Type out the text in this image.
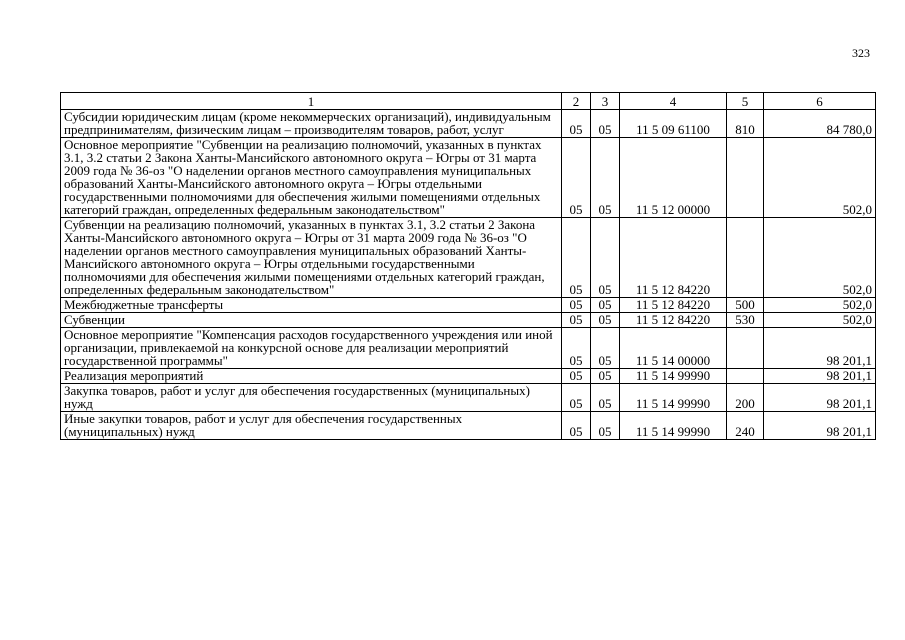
323
1	2	3	4	5	6
Субсидии юридическим лицам (кроме некоммерческих организаций), индивидуальным предпринимателям, физическим лицам – производителям товаров, работ, услуг	05	05	11 5 09 61100	810	84 780,0
Основное мероприятие "Субвенции на реализацию полномочий, указанных в пунктах 3.1, 3.2 статьи 2 Закона Ханты-Мансийского автономного округа – Югры от 31 марта 2009 года № 36-оз "О наделении органов местного самоуправления муниципальных образований Ханты-Мансийского автономного округа – Югры отдельными государственными полномочиями для обеспечения жилыми помещениями отдельных категорий граждан, определенных федеральным законодательством"	05	05	11 5 12 00000		502,0
Субвенции на реализацию полномочий, указанных в пунктах 3.1, 3.2 статьи 2 Закона Ханты-Мансийского автономного округа – Югры от 31 марта 2009 года № 36-оз "О наделении органов местного самоуправления муниципальных образований Ханты-Мансийского автономного округа – Югры отдельными государственными полномочиями для обеспечения жилыми помещениями отдельных категорий граждан, определенных федеральным законодательством"	05	05	11 5 12 84220		502,0
Межбюджетные трансферты	05	05	11 5 12 84220	500	502,0
Субвенции	05	05	11 5 12 84220	530	502,0
Основное мероприятие "Компенсация расходов государственного учреждения или иной организации, привлекаемой на конкурсной основе для реализации мероприятий государственной программы"	05	05	11 5 14 00000		98 201,1
Реализация мероприятий	05	05	11 5 14 99990		98 201,1
Закупка товаров, работ и услуг для обеспечения государственных (муниципальных) нужд	05	05	11 5 14 99990	200	98 201,1
Иные закупки товаров, работ и услуг для обеспечения государственных (муниципальных) нужд	05	05	11 5 14 99990	240	98 201,1
